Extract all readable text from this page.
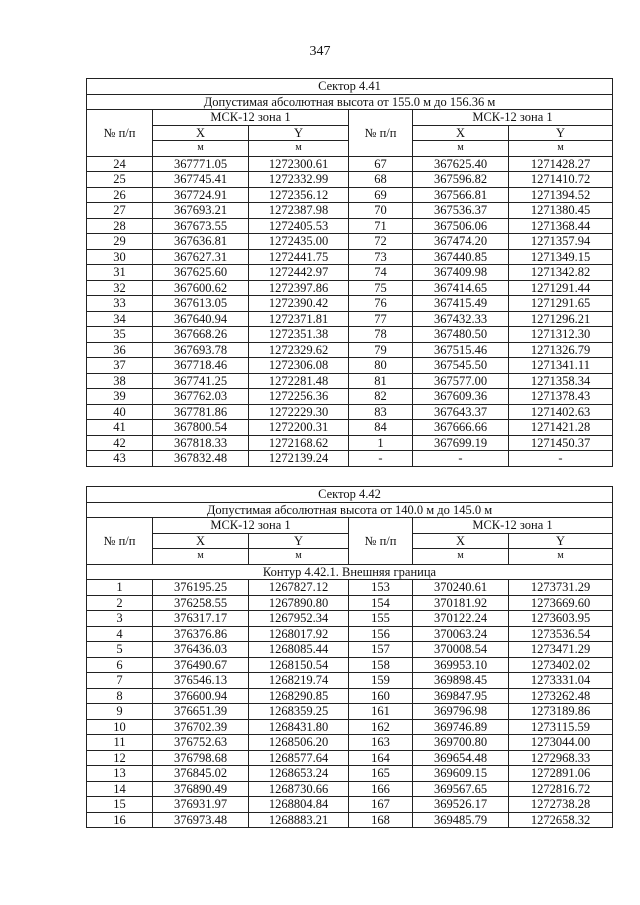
347
Сектор 4.41					
Допустимая абсолютная высота от 155.0 м до 156.36 м					
№ п/п	МСК-12 зона 1		№ п/п	МСК-12 зона 1	
	X	Y		X	Y
	м	м		м	м
24	367771.05	1272300.61	67	367625.40	1271428.27
25	367745.41	1272332.99	68	367596.82	1271410.72
26	367724.91	1272356.12	69	367566.81	1271394.52
27	367693.21	1272387.98	70	367536.37	1271380.45
28	367673.55	1272405.53	71	367506.06	1271368.44
29	367636.81	1272435.00	72	367474.20	1271357.94
30	367627.31	1272441.75	73	367440.85	1271349.15
31	367625.60	1272442.97	74	367409.98	1271342.82
32	367600.62	1272397.86	75	367414.65	1271291.44
33	367613.05	1272390.42	76	367415.49	1271291.65
34	367640.94	1272371.81	77	367432.33	1271296.21
35	367668.26	1272351.38	78	367480.50	1271312.30
36	367693.78	1272329.62	79	367515.46	1271326.79
37	367718.46	1272306.08	80	367545.50	1271341.11
38	367741.25	1272281.48	81	367577.00	1271358.34
39	367762.03	1272256.36	82	367609.36	1271378.43
40	367781.86	1272229.30	83	367643.37	1271402.63
41	367800.54	1272200.31	84	367666.66	1271421.28
42	367818.33	1272168.62	1	367699.19	1271450.37
43	367832.48	1272139.24	-	-	-
Сектор 4.42					
Допустимая абсолютная высота от 140.0 м до 145.0 м					
№ п/п	МСК-12 зона 1		№ п/п	МСК-12 зона 1	
	X	Y		X	Y
	м	м		м	м
Контур 4.42.1. Внешняя граница					
1	376195.25	1267827.12	153	370240.61	1273731.29
2	376258.55	1267890.80	154	370181.92	1273669.60
3	376317.17	1267952.34	155	370122.24	1273603.95
4	376376.86	1268017.92	156	370063.24	1273536.54
5	376436.03	1268085.44	157	370008.54	1273471.29
6	376490.67	1268150.54	158	369953.10	1273402.02
7	376546.13	1268219.74	159	369898.45	1273331.04
8	376600.94	1268290.85	160	369847.95	1273262.48
9	376651.39	1268359.25	161	369796.98	1273189.86
10	376702.39	1268431.80	162	369746.89	1273115.59
11	376752.63	1268506.20	163	369700.80	1273044.00
12	376798.68	1268577.64	164	369654.48	1272968.33
13	376845.02	1268653.24	165	369609.15	1272891.06
14	376890.49	1268730.66	166	369567.65	1272816.72
15	376931.97	1268804.84	167	369526.17	1272738.28
16	376973.48	1268883.21	168	369485.79	1272658.32
